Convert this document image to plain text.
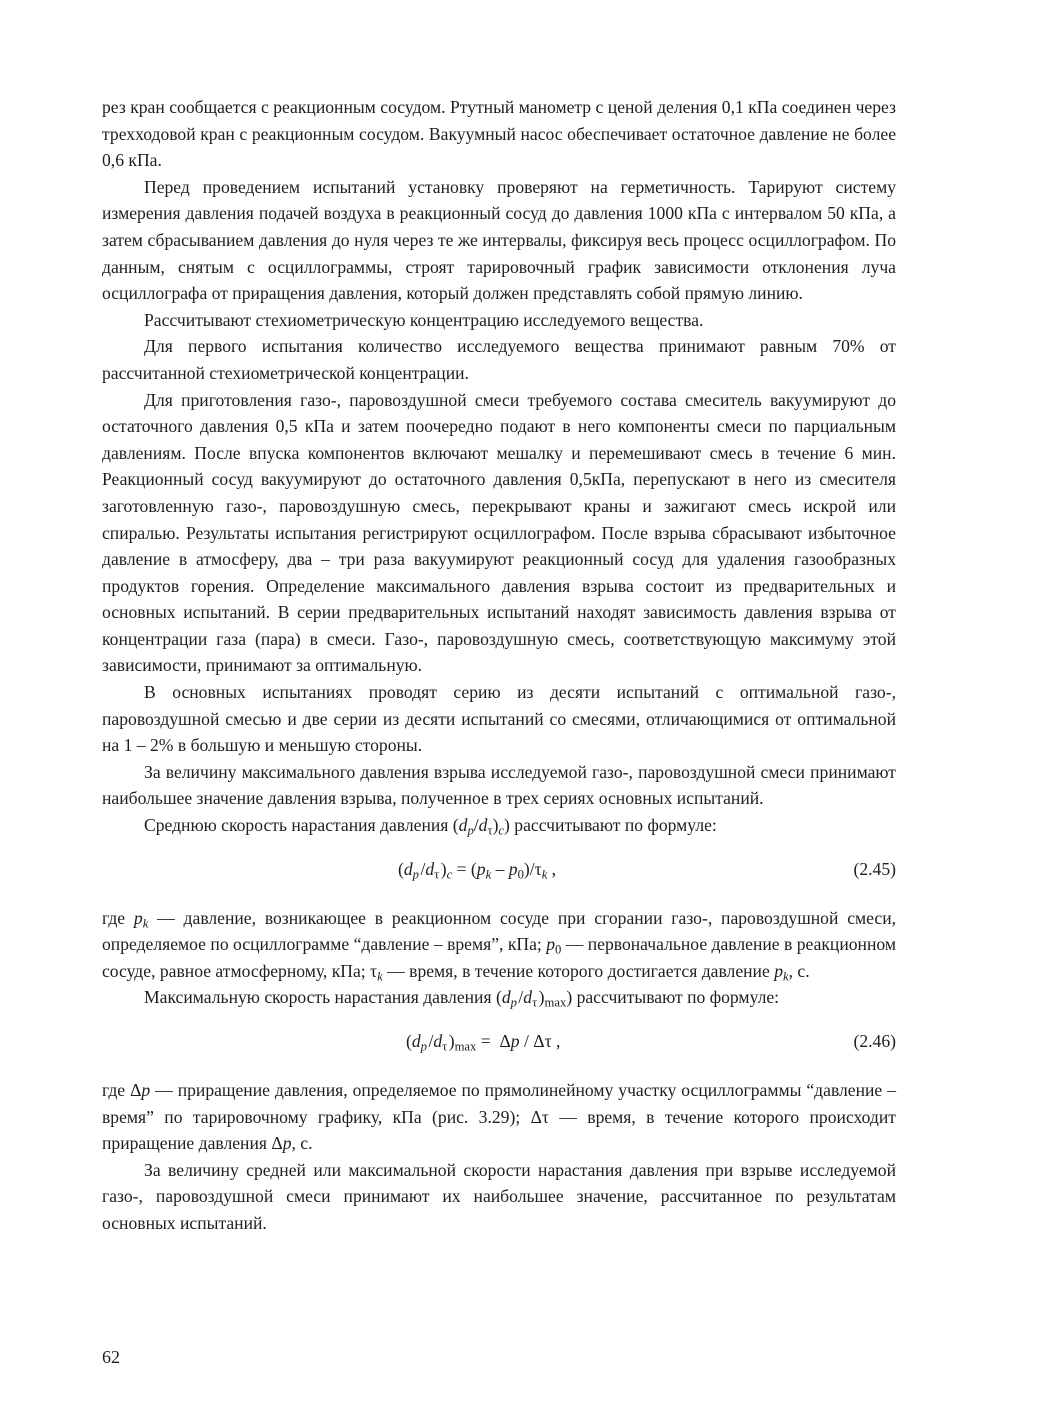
рез кран сообщается с реакционным сосудом. Ртутный манометр с ценой деления 0,1 кПа соединен через трехходовой кран с реакционным сосудом. Вакуумный насос обеспечивает остаточное давление не более 0,6 кПа.

Перед проведением испытаний установку проверяют на герметичность. Тарируют систему измерения давления подачей воздуха в реакционный сосуд до давления 1000 кПа с интервалом 50 кПа, а затем сбрасыванием давления до нуля через те же интервалы, фиксируя весь процесс осциллографом. По данным, снятым с осциллограммы, строят тарировочный график зависимости отклонения луча осциллографа от приращения давления, который должен представлять собой прямую линию.

Рассчитывают стехиометрическую концентрацию исследуемого вещества.

Для первого испытания количество исследуемого вещества принимают равным 70% от рассчитанной стехиометрической концентрации.

Для приготовления газо-, паровоздушной смеси требуемого состава смеситель вакуумируют до остаточного давления 0,5 кПа и затем поочередно подают в него компоненты смеси по парциальным давлениям. После впуска компонентов включают мешалку и перемешивают смесь в течение 6 мин. Реакционный сосуд вакуумируют до остаточного давления 0,5кПа, перепускают в него из смесителя заготовленную газо-, паровоздушную смесь, перекрывают краны и зажигают смесь искрой или спиралью. Результаты испытания регистрируют осциллографом. После взрыва сбрасывают избыточное давление в атмосферу, два – три раза вакуумируют реакционный сосуд для удаления газообразных продуктов горения. Определение максимального давления взрыва состоит из предварительных и основных испытаний. В серии предварительных испытаний находят зависимость давления взрыва от концентрации газа (пара) в смеси. Газо-, паровоздушную смесь, соответствующую максимуму этой зависимости, принимают за оптимальную.

В основных испытаниях проводят серию из десяти испытаний с оптимальной газо-, паровоздушной смесью и две серии из десяти испытаний со смесями, отличающимися от оптимальной на 1 – 2% в большую и меньшую стороны.

За величину максимального давления взрыва исследуемой газо-, паровоздушной смеси принимают наибольшее значение давления взрыва, полученное в трех сериях основных испытаний.

Среднюю скорость нарастания давления $(d_p/d_\tau)_c$) рассчитывают по формуле:

($d_p$ $/d_\tau$ )$_c = (p_k - p_0)/\tau_k$ ,	(2.45)

где $p_k$ — давление, возникающее в реакционном сосуде при сгорании газо-, паровоздушной смеси, определяемое по осциллограмме “давление – время”, кПа; $p_0$ — первоначальное давление в реакционном сосуде, равное атмосферному, кПа; $\tau_k$ — время, в течение которого достигается давление $p_k$, с.

Максимальную скорость нарастания давления ($d_p$ $/d_\tau$ )$_{max}$) рассчитывают по формуле:

($d_p$ $/d_\tau$ )$_{max} = \Delta p / \Delta\tau$ ,	(2.46)

где Δp — приращение давления, определяемое по прямолинейному участку осциллограммы “давление – время” по тарировочному графику, кПа (рис. 3.29); Δτ — время, в течение которого происходит приращение давления Δp, с.

За величину средней или максимальной скорости нарастания давления при взрыве исследуемой газо-, паровоздушной смеси принимают их наибольшее значение, рассчитанное по результатам основных испытаний.

62
